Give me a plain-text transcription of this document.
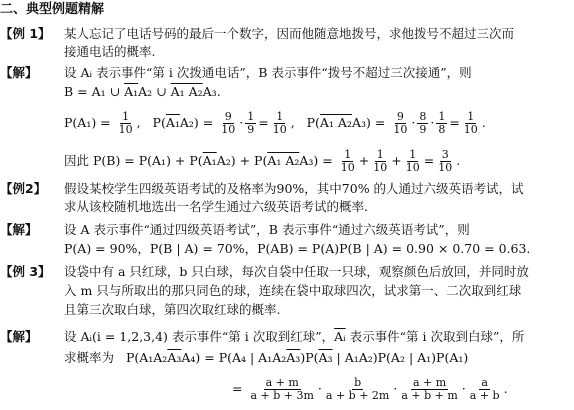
二、典型例题精解
【例 1】 某人忘记了电话号码的最后一个数字，因而他随意地拨号，求他拨号不超过三次而
接通电话的概率.
【解】 设 Aᵢ 表示事件“第 i 次拨通电话”，B 表示事件“拨号不超过三次接通”，则
B = A₁ ∪ A₁A₂ ∪ A₁ A₂A₃.
$P(A_1) = \frac{1}{10}$ ,   $P(A_1A_2) = \frac{9}{10} \cdot \frac{1}{9} = \frac{1}{10}$ ,   P(A₁ $A_2A_3) = \frac{9}{10} \cdot \frac{8}{9} \cdot \frac{1}{8} = \frac{1}{10}$ .
因此 P(B) = P(A₁) + P(A₁A₂) + P(A₁ $A_2A_3) = \frac{1}{10} + \frac{1}{10} + \frac{1}{10} = \frac{3}{10}$ .
【例2】 假设某校学生四级英语考试的及格率为90%，其中70% 的人通过六级英语考试，试
求从该校随机地选出一名学生通过六级英语考试的概率.
【解】 设 A 表示事件“通过四级英语考试”，B 表示事件“通过六级英语考试”，则
P(A) = 90%，P(B | A) = 70%，P(AB) = P(A)P(B | A) = 0.90 × 0.70 = 0.63.
【例 3】 设袋中有 a 只红球，b 只白球，每次自袋中任取一只球，观察颜色后放回，并同时放
入 m 只与所取出的那只同色的球，连续在袋中取球四次，试求第一、二次取到红球
且第三次取白球，第四次取红球的概率.
【解】 设 Aᵢ(i = 1,2,3,4) 表示事件“第 i 次取到红球”，$\overline{Aᵢ}$ 表示事件“第 i 次取到白球”，所
求概率为 P(A₁A₂A₃A₄) = P(A₄ | A₁A₂A₃)P(A₃ | A₁A₂)P(A₂ | A₁)P(A₁)
= $\frac{a + m}{a + b + 3m} \cdot \frac{b}{a + b + 2m} \cdot \frac{a + m}{a + b + m} \cdot \frac{a}{a + b}$ .
